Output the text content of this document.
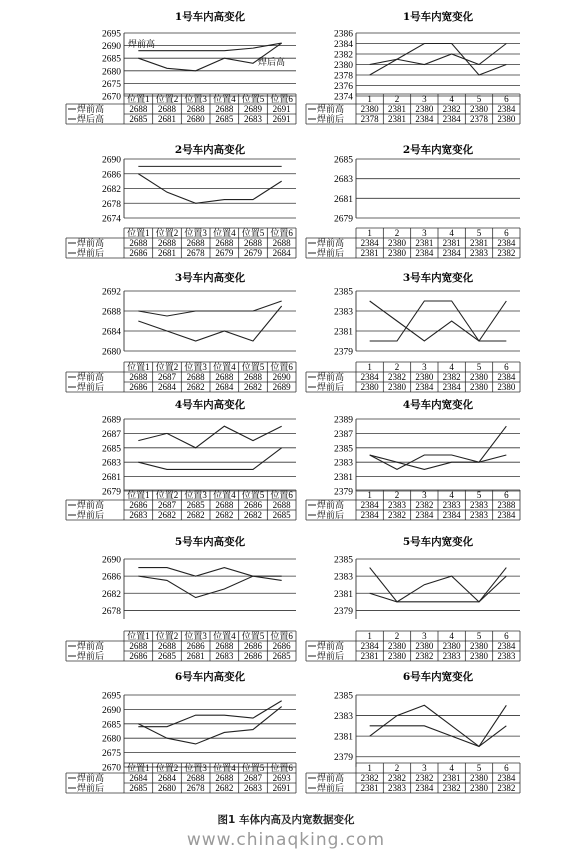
1号车内高变化
2670
2675
2680
2685
2690
2695
焊前高
焊后高
位置1 位置2 位置3 位置4 位置5 位置6
焊前高	2688 2688 2688 2688 2689 2691
焊后高	2685 2681 2680 2685 2683 2691
1号车内宽变化
2374
2376
2378
2380
2382
2384
2386
1	2	3	4	5	6
焊前高 2380 2381 2380 2382 2380 2384
焊前后 2378 2381 2384 2384 2378 2380
2号车内高变化
2674
2678
2682
2686
2690
位置1 位置2 位置3 位置4 位置5 位置6
焊前高	2688 2688 2688 2688 2688 2688
焊前后	2686 2681 2678 2679 2679 2684
2号车内宽变化
2679
2681
2683
2685
1	2	3	4	5	6
焊前高 2384 2380 2381 2381 2381 2384
焊前后 2381 2380 2384 2384 2383 2382
3号车内高变化
2680
2684
2688
2692
位置1 位置2 位置3 位置4 位置5 位置6
焊前高	2688 2687 2688 2688 2688 2690
焊前后	2686 2684 2682 2684 2682 2689
3号车内宽变化
2379
2381
2383
2385
1	2	3	4	5	6
焊前高 2384 2382 2380 2382 2380 2384
焊前后 2380 2380 2384 2384 2380 2380
4号车内高变化
2679
2681
2683
2685
2687
2689
位置1 位置2 位置3 位置4 位置5 位置6
焊前高	2686 2687 2685 2688 2686 2688
焊前后	2683 2682 2682 2682 2682 2685
4号车内宽变化
2379
2381
2383
2385
2387
2389
1	2	3	4	5	6
焊前高 2384 2383 2382 2383 2383 2388
焊前后 2384 2382 2384 2384 2383 2384
5号车内高变化
2678
2682
2686
2690
位置1 位置2 位置3 位置4 位置5 位置6
焊前高	2688 2688 2686 2688 2686 2686
焊前后	2686 2685 2681 2683 2686 2685
5号车内宽变化
2379
2381
2383
2385
1	2	3	4	5	6
焊前高 2384 2380 2380 2380 2380 2384
焊前后 2381 2380 2382 2383 2380 2383
6号车内高变化
2670
2675
2680
2685
2690
2695
位置1 位置2 位置3 位置4 位置5 位置6
焊前高	2684 2684 2688 2688 2687 2693
焊前后	2685 2680 2678 2682 2683 2691
6号车内宽变化
2379
2381
2383
2385
1	2	3	4	5	6
焊前高 2382 2382 2382 2381 2380 2384
焊前后 2381 2383 2384 2382 2380 2382
图1 车体内高及内宽数据变化
www.chinaqking.com
